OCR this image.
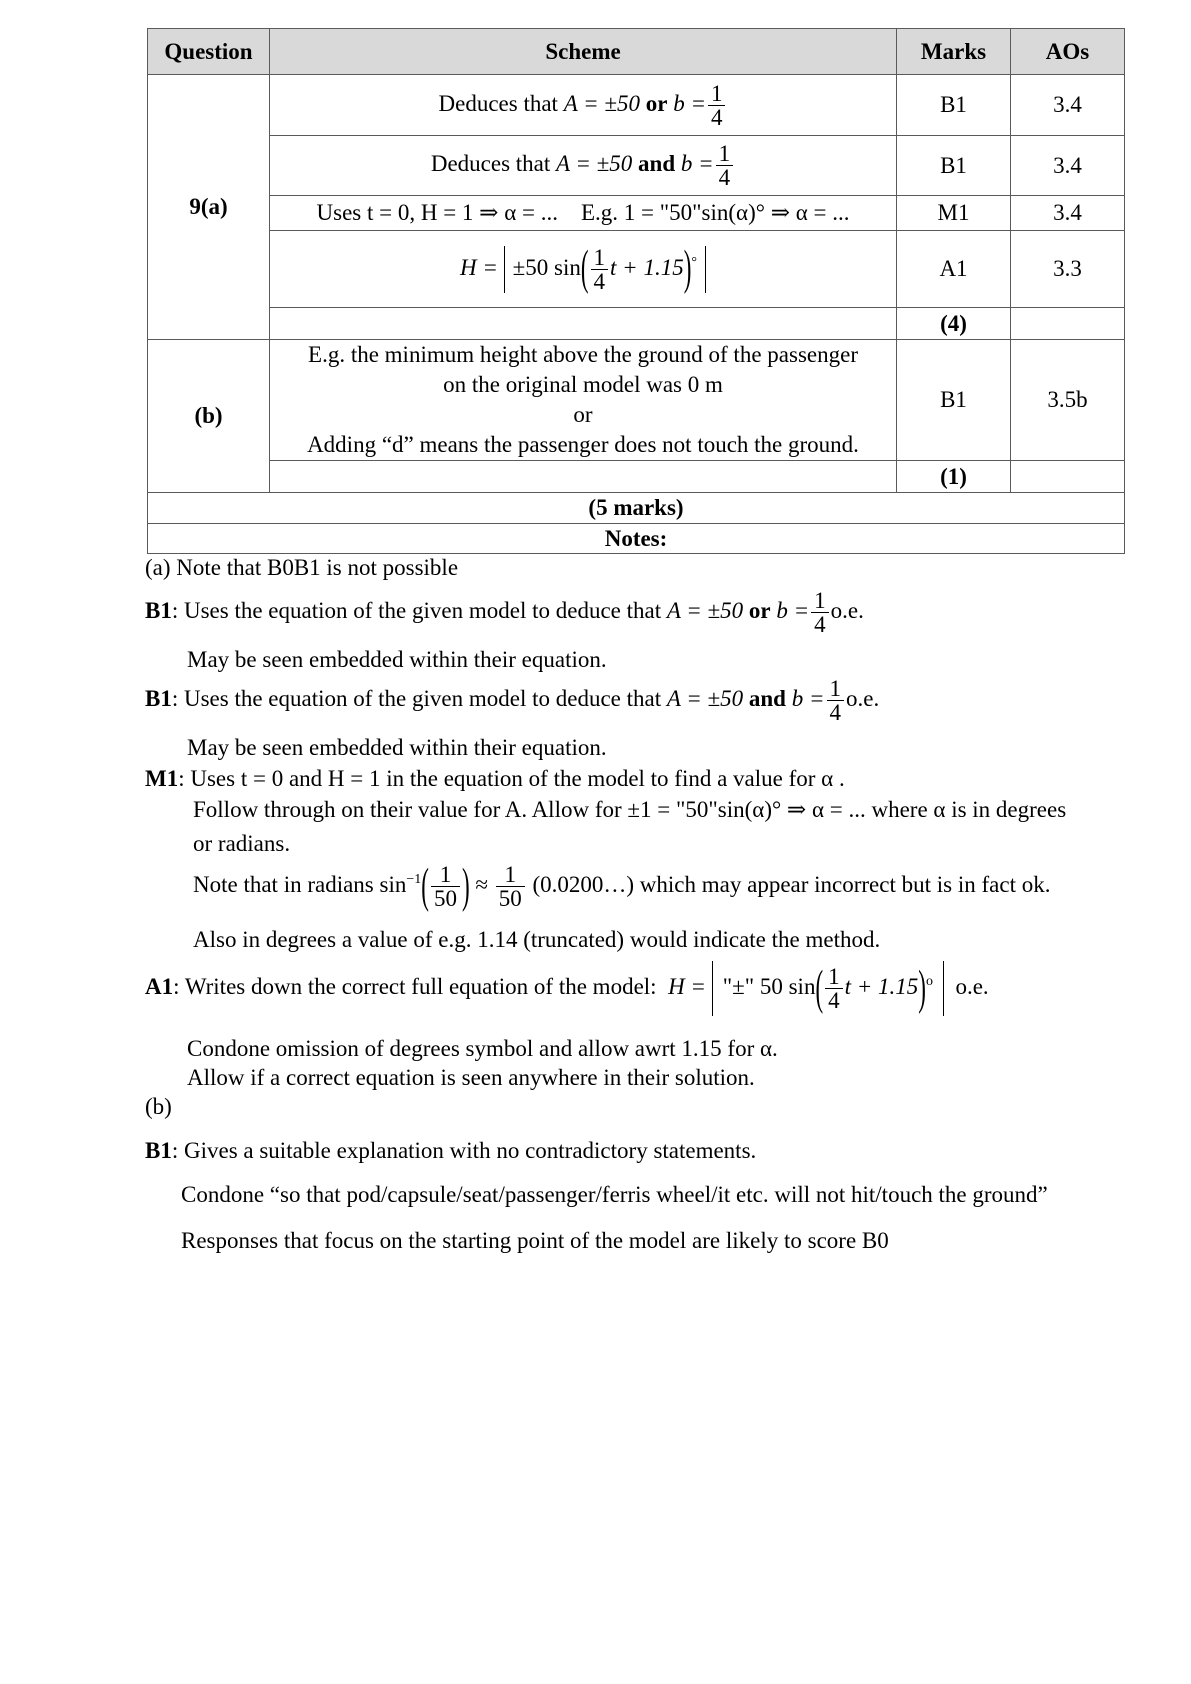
Question	Scheme	Marks	AOs
9(a)	Deduces that A = ±50 or $b = \frac{1}{4}$	B1	3.4
	Deduces that A = ±50 and $b = \frac{1}{4}$	B1	3.4
	Uses t = 0, H = 1 ⇒ α = ... E.g. 1 = "50"sin(α)° ⇒ α = ...	M1	3.4
	H = ±50 $\sin( \frac{1}{4}$ t + 1.15)°	A1	3.3
		(4)	
(b)	E.g. the minimum height above the ground of the passenger
on the original model was 0 m
or
Adding “d” means the passenger does not touch the ground.	B1	3.5b
		(1)	
(5 marks)			
Notes:			
(a) Note that B0B1 is not possible
B1: Uses the equation of the given model to deduce that A = ±50 or $b = \frac{1}{4} o.e$.
May be seen embedded within their equation.
B1: Uses the equation of the given model to deduce that A = ±50 and $b = \frac{1}{4} o.e$.
May be seen embedded within their equation.
M1: Uses t = 0 and H = 1 in the equation of the model to find a value for α .
Follow through on their value for A. Allow for ±1 = "50"sin(α)° ⇒ α = ... where α is in degrees
or radians.
Note that in radians $\sin^{-1}( \frac{1}{50}$ ) ≈ $\frac{1}{50}$ (0.0200…) which may appear incorrect but is in fact ok.
Also in degrees a value of e.g. 1.14 (truncated) would indicate the method.
A1: Writes down the correct full equation of the model: H = "±" 50 $\sin( \frac{1}{4}$ $t + 1.15)^o$ o.e.
Condone omission of degrees symbol and allow awrt 1.15 for α.
Allow if a correct equation is seen anywhere in their solution.
(b)
B1: Gives a suitable explanation with no contradictory statements.
Condone “so that pod/capsule/seat/passenger/ferris wheel/it etc. will not hit/touch the ground”
Responses that focus on the starting point of the model are likely to score B0
